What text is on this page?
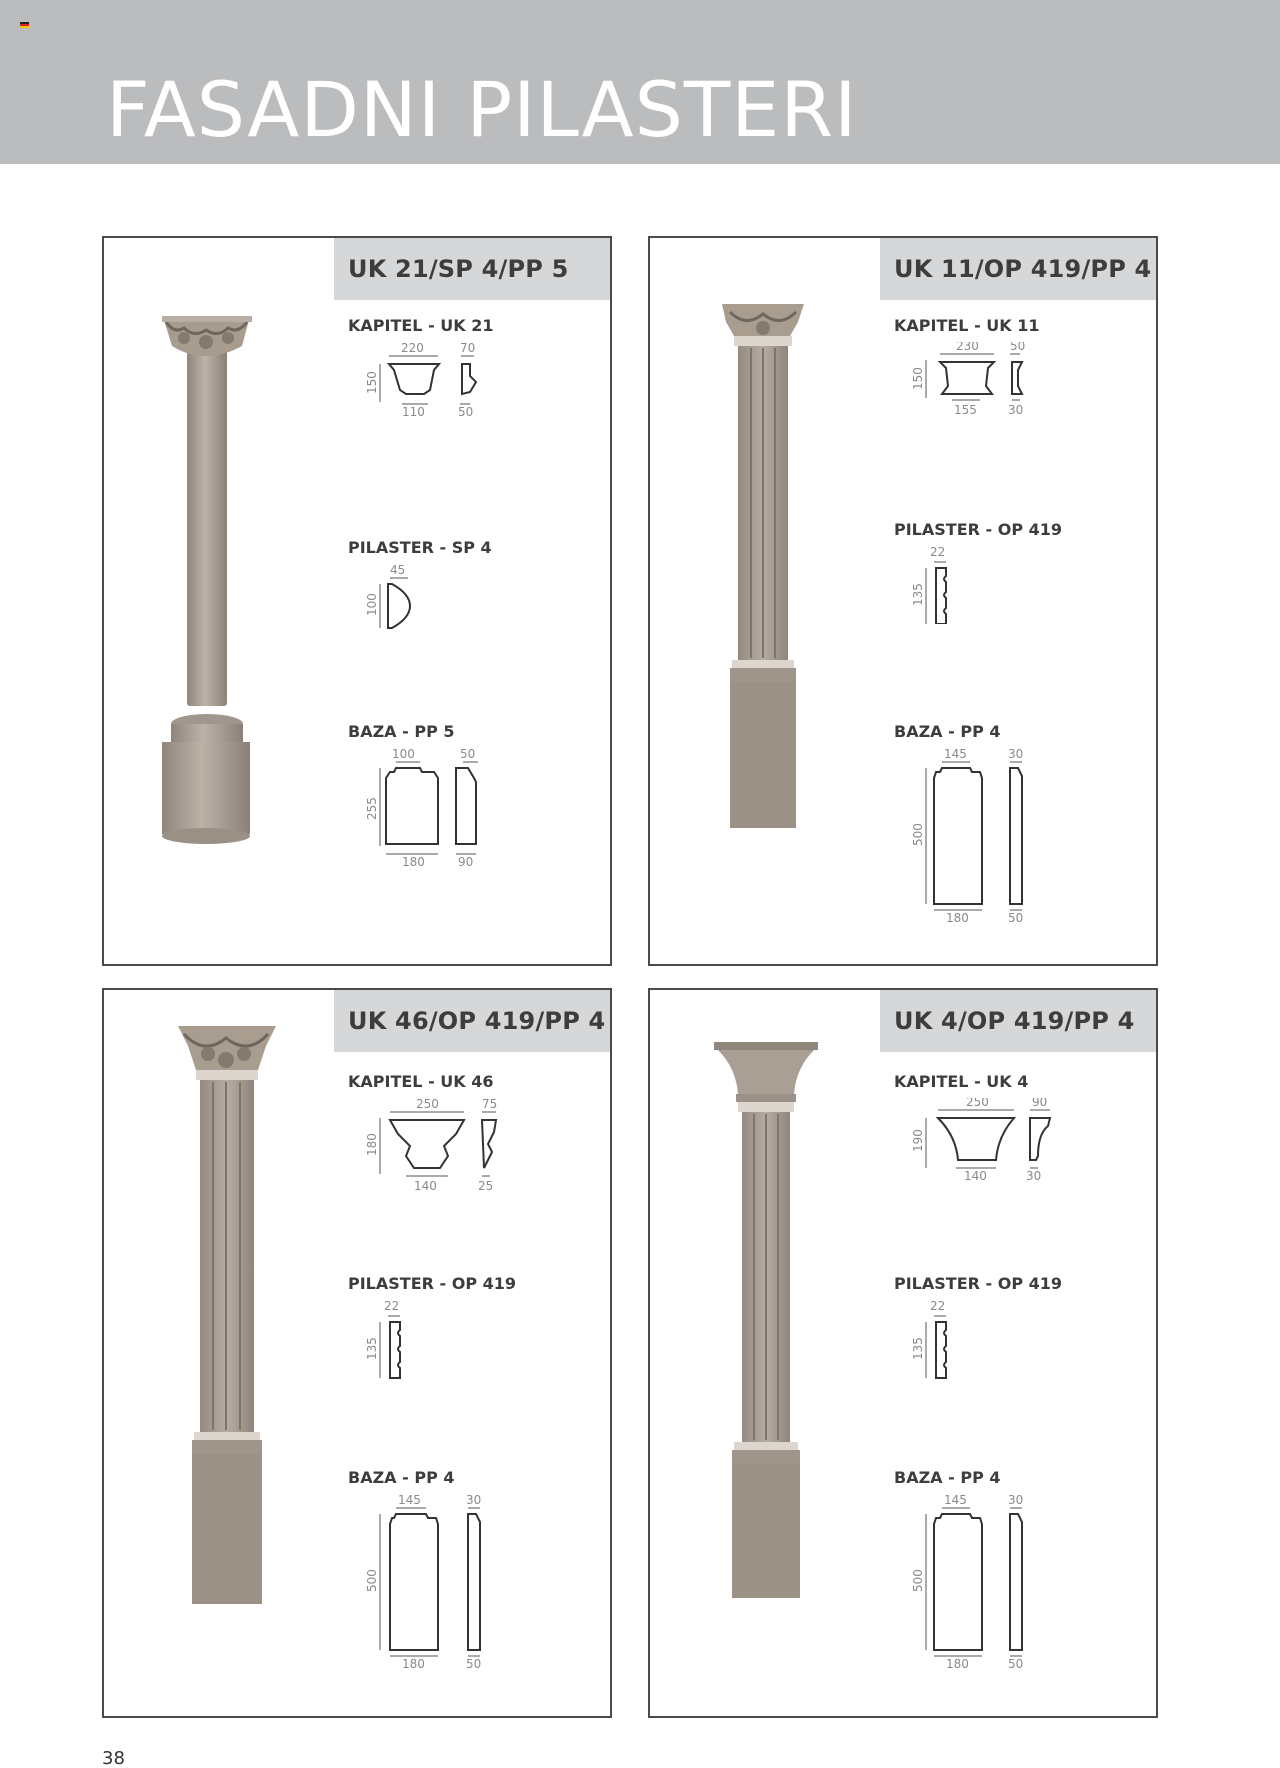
FASADNI PILASTERI
UK 21/SP 4/PP 5
KAPITEL - UK 21
220	70
150
110	50
PILASTER - SP 4
45
100
BAZA - PP 5
100	50
255
180	90
UK 11/OP 419/PP 4
KAPITEL - UK 11
230	50
150
155	30
PILASTER - OP 419
22
135
BAZA - PP 4
145	30
500
180	50
UK 46/OP 419/PP 4
KAPITEL - UK 46
250	75
180
140	25
PILASTER - OP 419
22
135
BAZA - PP 4
145	30
500
180	50
UK 4/OP 419/PP 4
KAPITEL - UK 4
250	90
190
140	30
PILASTER - OP 419
22
135
BAZA - PP 4
145	30
500
180	50
38
